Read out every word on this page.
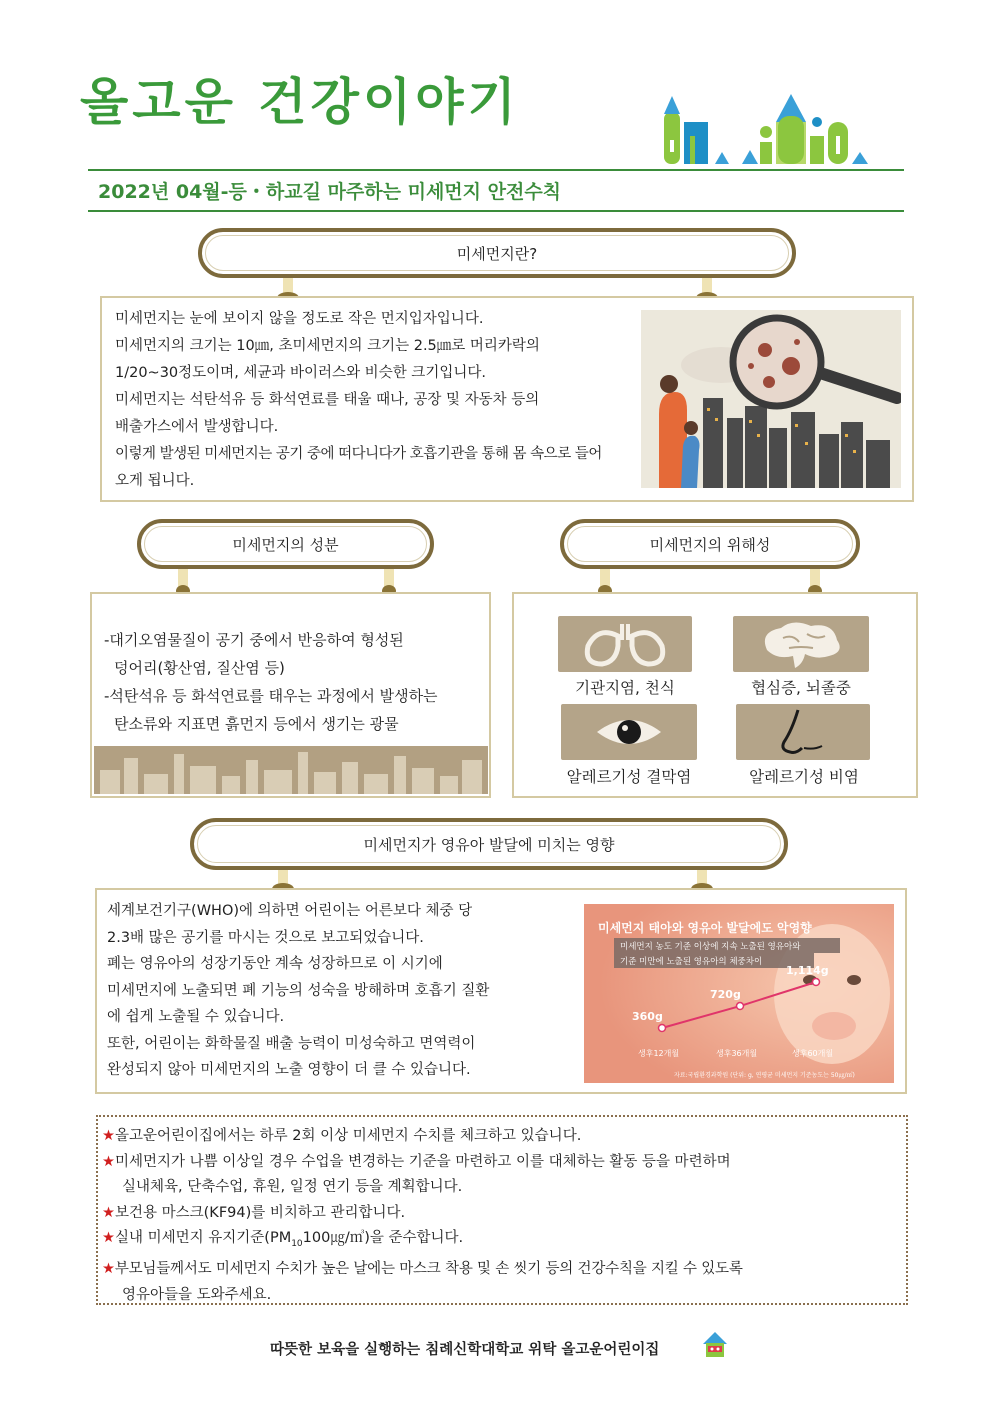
올고운 건강이야기
2022년 04월-등・하교길 마주하는 미세먼지 안전수칙
미세먼지란?
미세먼지는 눈에 보이지 않을 정도로 작은 먼지입자입니다.
미세먼지의 크기는 10㎛, 초미세먼지의 크기는 2.5㎛로 머리카락의
1/20~30정도이며, 세균과 바이러스와 비슷한 크기입니다.
미세먼지는 석탄석유 등 화석연료를 태울 때나, 공장 및 자동차 등의
배출가스에서 발생합니다.
이렇게 발생된 미세먼지는 공기 중에 떠다니다가 호흡기관을 통해 몸 속으로 들어
오게 됩니다.
미세먼지의 성분
-대기오염물질이 공기 중에서 반응하여 형성된
덩어리(황산염, 질산염 등)
-석탄석유 등 화석연료를 태우는 과정에서 발생하는
탄소류와 지표면 흙먼지 등에서 생기는 광물
미세먼지의 위해성
기관지염, 천식	협심증, 뇌졸중
알레르기성 결막염	알레르기성 비염
미세먼지가 영유아 발달에 미치는 영향
세계보건기구(WHO)에 의하면 어린이는 어른보다 체중 당
2.3배 많은 공기를 마시는 것으로 보고되었습니다.
폐는 영유아의 성장기동안 계속 성장하므로 이 시기에
미세먼지에 노출되면 폐 기능의 성숙을 방해하며 호흡기 질환
에 쉽게 노출될 수 있습니다.
또한, 어린이는 화학물질 배출 능력이 미성숙하고 면역력이
완성되지 않아 미세먼지의 노출 영향이 더 클 수 있습니다.
미세먼지 태아와 영유아 발달에도 악영향
미세먼지 농도 기준 이상에 지속 노출된 영유아와
기준 미만에 노출된 영유아의 체중차이
360g
생후12개월
720g
생후36개월
1,114g
생후60개월
자료:국립환경과학원 (단위: g, 연평균 미세먼지 기준농도는 50㎍/㎥)
★올고운어린이집에서는 하루 2회 이상 미세먼지 수치를 체크하고 있습니다.
★미세먼지가 나쁨 이상일 경우 수업을 변경하는 기준을 마련하고 이를 대체하는 활동 등을 마련하며
실내체육, 단축수업, 휴원, 일정 연기 등을 계획합니다.
★보건용 마스크(KF94)를 비치하고 관리합니다.
★실내 미세먼지 유지기준$(PM_{10}100㎍/㎥)$을 준수합니다.
★부모님들께서도 미세먼지 수치가 높은 날에는 마스크 착용 및 손 씻기 등의 건강수칙을 지킬 수 있도록
영유아들을 도와주세요.
따뜻한 보육을 실행하는 침례신학대학교 위탁 올고운어린이집
